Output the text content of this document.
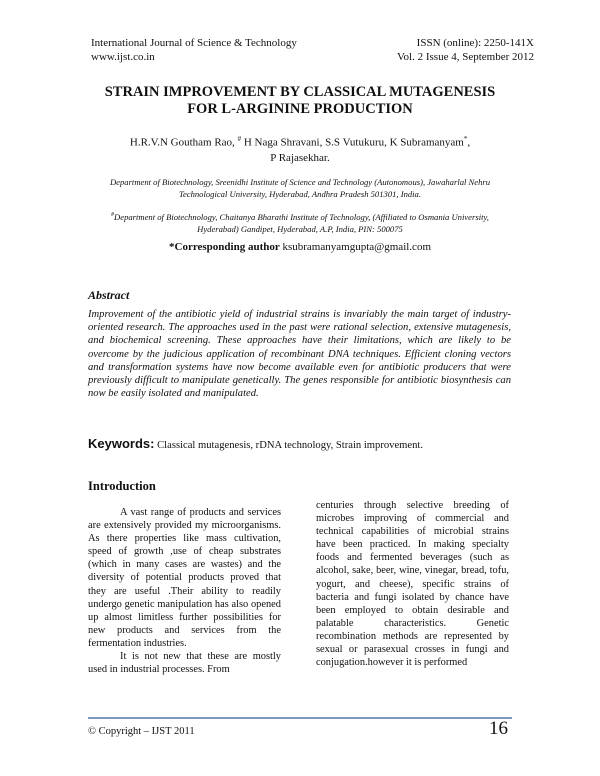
International Journal of Science & Technology
www.ijst.co.in
ISSN (online): 2250-141X
Vol. 2 Issue 4, September 2012
STRAIN IMPROVEMENT BY CLASSICAL MUTAGENESIS
FOR L-ARGININE PRODUCTION
H.R.V.N Goutham Rao, # H Naga Shravani, S.S Vutukuru, K Subramanyam*,
P Rajasekhar.
Department of Biotechnology, Sreenidhi Institute of Science and Technology (Autonomous), Jawaharlal Nehru Technological University, Hyderabad, Andhra Pradesh 501301, India.
#Department of Biotechnology, Chaitanya Bharathi Institute of Technology, (Affiliated to Osmania University, Hyderabad) Gandipet, Hyderabad, A.P, India, PIN: 500075
*Corresponding author ksubramanyamgupta@gmail.com
Abstract
Improvement of the antibiotic yield of industrial strains is invariably the main target of industry-oriented research. The approaches used in the past were rational selection, extensive mutagenesis, and biochemical screening. These approaches have their limitations, which are likely to be overcome by the judicious application of recombinant DNA techniques. Efficient cloning vectors and transformation systems have now become available even for antibiotic producers that were previously difficult to manipulate genetically. The genes responsible for antibiotic biosynthesis can now be easily isolated and manipulated.
Keywords: Classical mutagenesis, rDNA technology, Strain improvement.
Introduction

A vast range of products and services are extensively provided my microorganisms. As there properties like mass cultivation, speed of growth ,use of cheap substrates (which in many cases are wastes) and the diversity of potential products proved that they are useful .Their ability to readily undergo genetic manipulation has also opened up almost limitless further possibilities for new products and services from the fermentation industries.

It is not new that these are mostly used in industrial processes. From

centuries through selective breeding of microbes improving of commercial and technical capabilities of microbial strains have been practiced. In making specialty foods and fermented beverages (such as alcohol, sake, beer, wine, vinegar, bread, tofu, yogurt, and cheese), specific strains of bacteria and fungi isolated by chance have been employed to obtain desirable and palatable characteristics. Genetic recombination methods are represented by sexual or parasexual crosses in fungi and conjugation.however it is performed

© Copyright – IJST 2011	16
